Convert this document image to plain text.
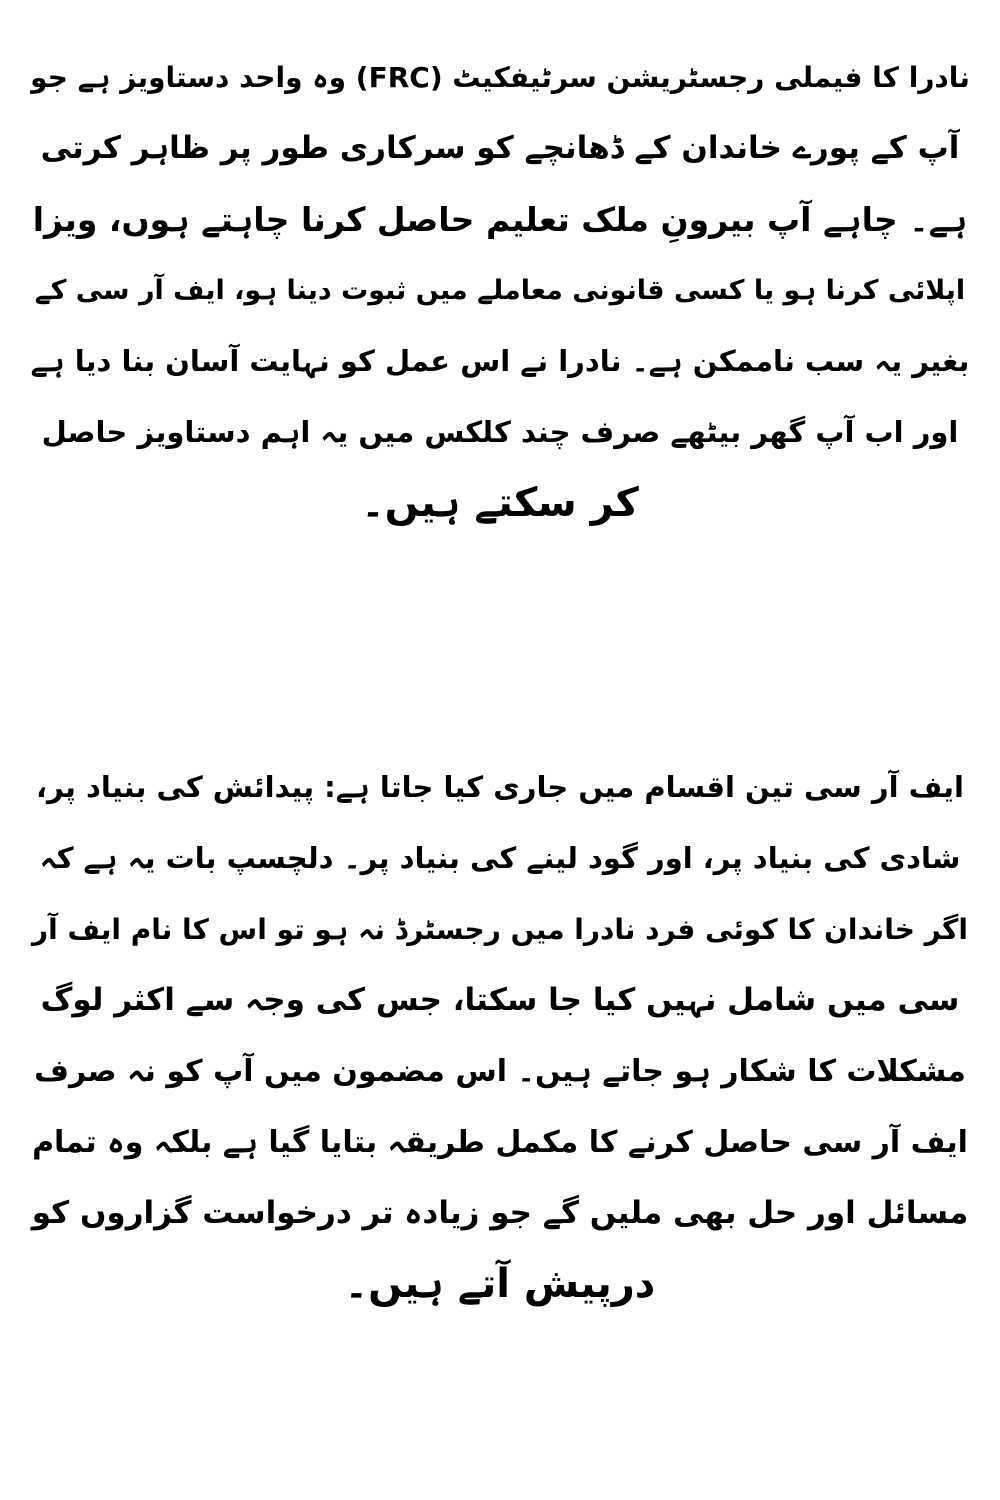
نادرا کا فیملی رجسٹریشن سرٹیفکیٹ (FRC) وہ واحد دستاویز ہے جو
آپ کے پورے خاندان کے ڈھانچے کو سرکاری طور پر ظاہر کرتی
ہے۔ چاہے آپ بیرونِ ملک تعلیم حاصل کرنا چاہتے ہوں، ویزا
اپلائی کرنا ہو یا کسی قانونی معاملے میں ثبوت دینا ہو، ایف آر سی کے
بغیر یہ سب ناممکن ہے۔ نادرا نے اس عمل کو نہایت آسان بنا دیا ہے
اور اب آپ گھر بیٹھے صرف چند کلکس میں یہ اہم دستاویز حاصل
کر سکتے ہیں۔
ایف آر سی تین اقسام میں جاری کیا جاتا ہے: پیدائش کی بنیاد پر،
شادی کی بنیاد پر، اور گود لینے کی بنیاد پر۔ دلچسپ بات یہ ہے کہ
اگر خاندان کا کوئی فرد نادرا میں رجسٹرڈ نہ ہو تو اس کا نام ایف آر
سی میں شامل نہیں کیا جا سکتا، جس کی وجہ سے اکثر لوگ
مشکلات کا شکار ہو جاتے ہیں۔ اس مضمون میں آپ کو نہ صرف
ایف آر سی حاصل کرنے کا مکمل طریقہ بتایا گیا ہے بلکہ وہ تمام
مسائل اور حل بھی ملیں گے جو زیادہ تر درخواست گزاروں کو
درپیش آتے ہیں۔
